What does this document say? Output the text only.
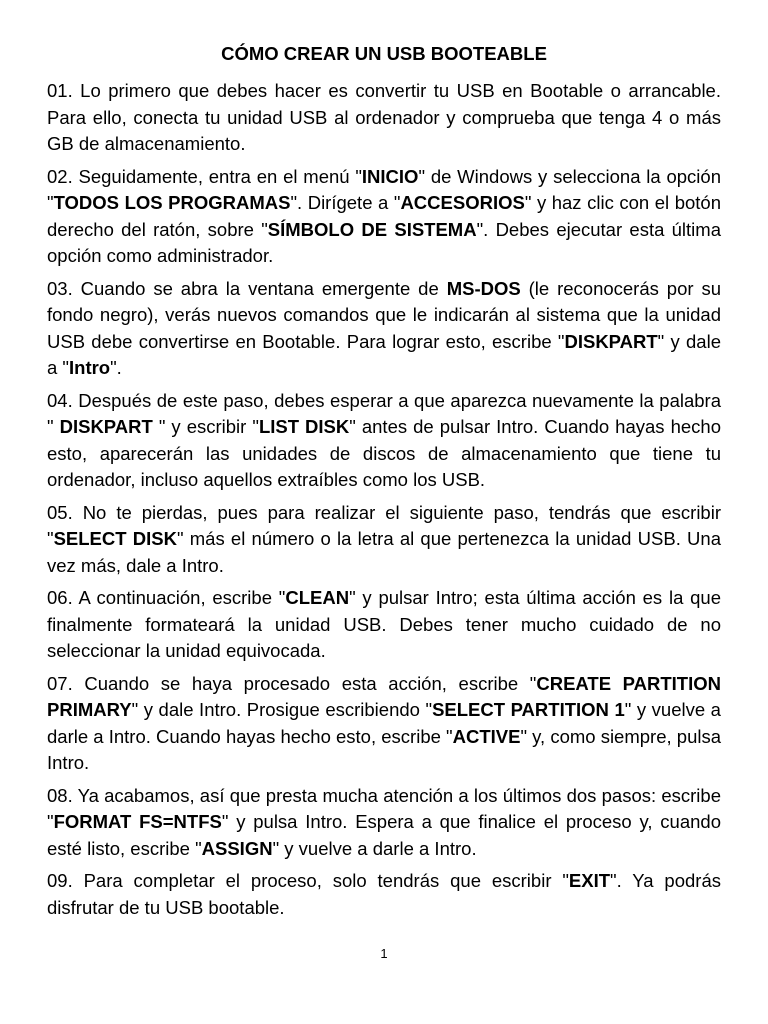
CÓMO CREAR UN USB BOOTEABLE

01. Lo primero que debes hacer es convertir tu USB en Bootable o arrancable. Para ello, conecta tu unidad USB al ordenador y comprueba que tenga 4 o más GB de almacenamiento.

02. Seguidamente, entra en el menú "INICIO" de Windows y selecciona la opción "TODOS LOS PROGRAMAS". Dirígete a "ACCESORIOS" y haz clic con el botón derecho del ratón, sobre "SÍMBOLO DE SISTEMA". Debes ejecutar esta última opción como administrador.

03. Cuando se abra la ventana emergente de MS-DOS (le reconocerás por su fondo negro), verás nuevos comandos que le indicarán al sistema que la unidad USB debe convertirse en Bootable. Para lograr esto, escribe "DISKPART" y dale a "Intro".

04. Después de este paso, debes esperar a que aparezca nuevamente la palabra " DISKPART " y escribir "LIST DISK" antes de pulsar Intro. Cuando hayas hecho esto, aparecerán las unidades de discos de almacenamiento que tiene tu ordenador, incluso aquellos extraíbles como los USB.

05. No te pierdas, pues para realizar el siguiente paso, tendrás que escribir "SELECT DISK" más el número o la letra al que pertenezca la unidad USB. Una vez más, dale a Intro.

06. A continuación, escribe "CLEAN" y pulsar Intro; esta última acción es la que finalmente formateará la unidad USB. Debes tener mucho cuidado de no seleccionar la unidad equivocada.

07. Cuando se haya procesado esta acción, escribe "CREATE PARTITION PRIMARY" y dale Intro. Prosigue escribiendo "SELECT PARTITION 1" y vuelve a darle a Intro. Cuando hayas hecho esto, escribe "ACTIVE" y, como siempre, pulsa Intro.

08. Ya acabamos, así que presta mucha atención a los últimos dos pasos: escribe "FORMAT FS=NTFS" y pulsa Intro. Espera a que finalice el proceso y, cuando esté listo, escribe "ASSIGN" y vuelve a darle a Intro.

09. Para completar el proceso, solo tendrás que escribir "EXIT". Ya podrás disfrutar de tu USB bootable.

1
